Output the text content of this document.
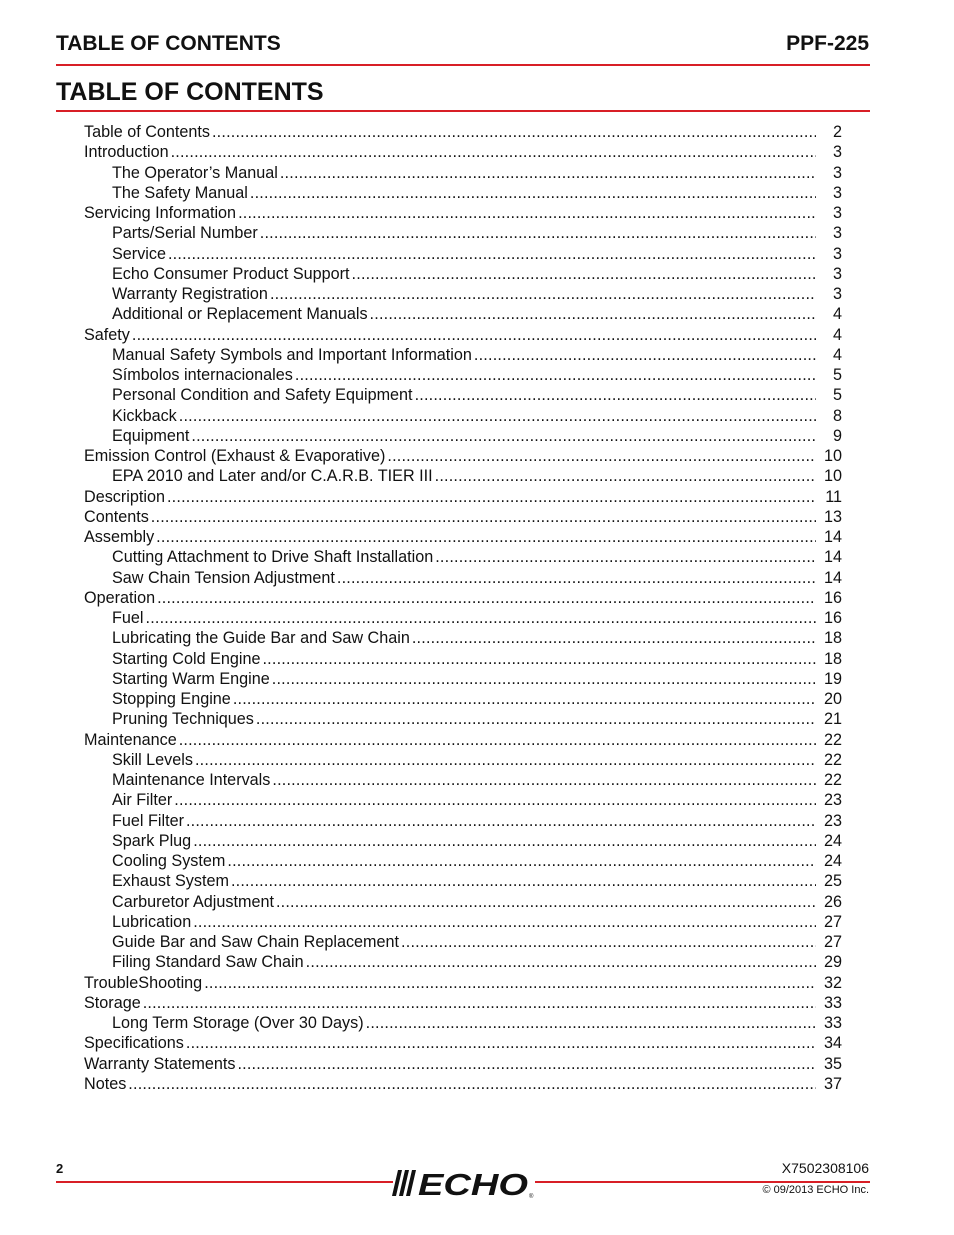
TABLE OF CONTENTS	PPF-225
TABLE OF CONTENTS
Table of Contents .....	2
Introduction .....	3
The Operator’s Manual .....	3
The Safety Manual .....	3
Servicing Information .....	3
Parts/Serial Number .....	3
Service .....	3
Echo Consumer Product Support .....	3
Warranty Registration .....	3
Additional or Replacement Manuals .....	4
Safety .....	4
Manual Safety Symbols and Important Information .....	4
Símbolos internacionales .....	5
Personal Condition and Safety Equipment .....	5
Kickback .....	8
Equipment .....	9
Emission Control (Exhaust & Evaporative) .....	10
EPA 2010 and Later and/or C.A.R.B. TIER III .....	10
Description .....	11
Contents .....	13
Assembly .....	14
Cutting Attachment to Drive Shaft Installation .....	14
Saw Chain Tension Adjustment .....	14
Operation .....	16
Fuel .....	16
Lubricating the Guide Bar and Saw Chain .....	18
Starting Cold Engine .....	18
Starting Warm Engine .....	19
Stopping Engine .....	20
Pruning Techniques .....	21
Maintenance .....	22
Skill Levels .....	22
Maintenance Intervals .....	22
Air Filter .....	23
Fuel Filter .....	23
Spark Plug .....	24
Cooling System .....	24
Exhaust System .....	25
Carburetor Adjustment .....	26
Lubrication .....	27
Guide Bar and Saw Chain Replacement .....	27
Filing Standard Saw Chain .....	29
TroubleShooting .....	32
Storage .....	33
Long Term Storage (Over 30 Days) .....	33
Specifications .....	34
Warranty Statements .....	35
Notes .....	37
2	ECHO ®
X7502308106
© 09/2013 ECHO Inc.
